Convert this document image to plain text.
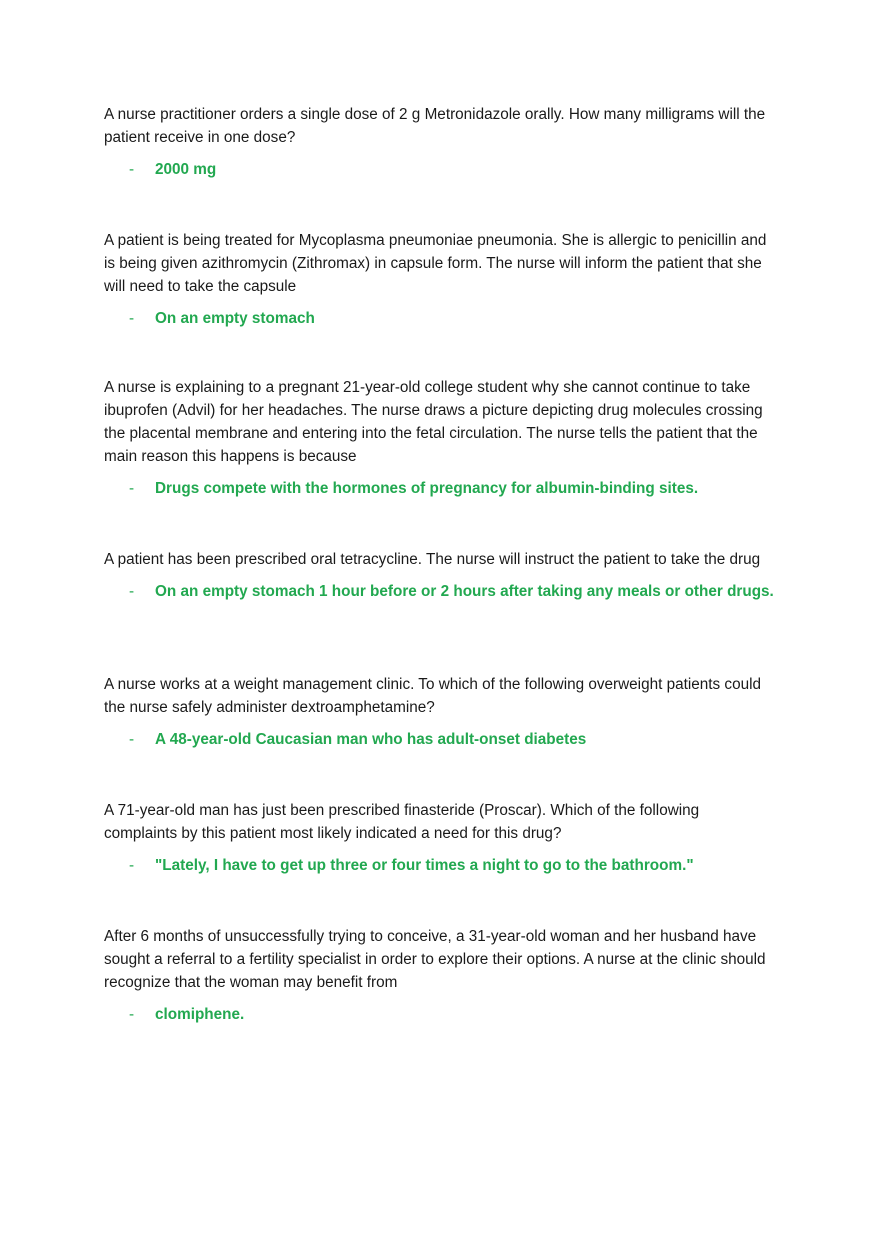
A nurse practitioner orders a single dose of 2 g Metronidazole orally. How many milligrams will the patient receive in one dose?

- 2000 mg

A patient is being treated for Mycoplasma pneumoniae pneumonia. She is allergic to penicillin and is being given azithromycin (Zithromax) in capsule form. The nurse will inform the patient that she will need to take the capsule

- On an empty stomach

A nurse is explaining to a pregnant 21-year-old college student why she cannot continue to take ibuprofen (Advil) for her headaches. The nurse draws a picture depicting drug molecules crossing the placental membrane and entering into the fetal circulation. The nurse tells the patient that the main reason this happens is because

- Drugs compete with the hormones of pregnancy for albumin-binding sites.

A patient has been prescribed oral tetracycline. The nurse will instruct the patient to take the drug

- On an empty stomach 1 hour before or 2 hours after taking any meals or other drugs.

A nurse works at a weight management clinic. To which of the following overweight patients could the nurse safely administer dextroamphetamine?

- A 48-year-old Caucasian man who has adult-onset diabetes

A 71-year-old man has just been prescribed finasteride (Proscar). Which of the following complaints by this patient most likely indicated a need for this drug?

- "Lately, I have to get up three or four times a night to go to the bathroom."

After 6 months of unsuccessfully trying to conceive, a 31-year-old woman and her husband have sought a referral to a fertility specialist in order to explore their options. A nurse at the clinic should recognize that the woman may benefit from

- clomiphene.
